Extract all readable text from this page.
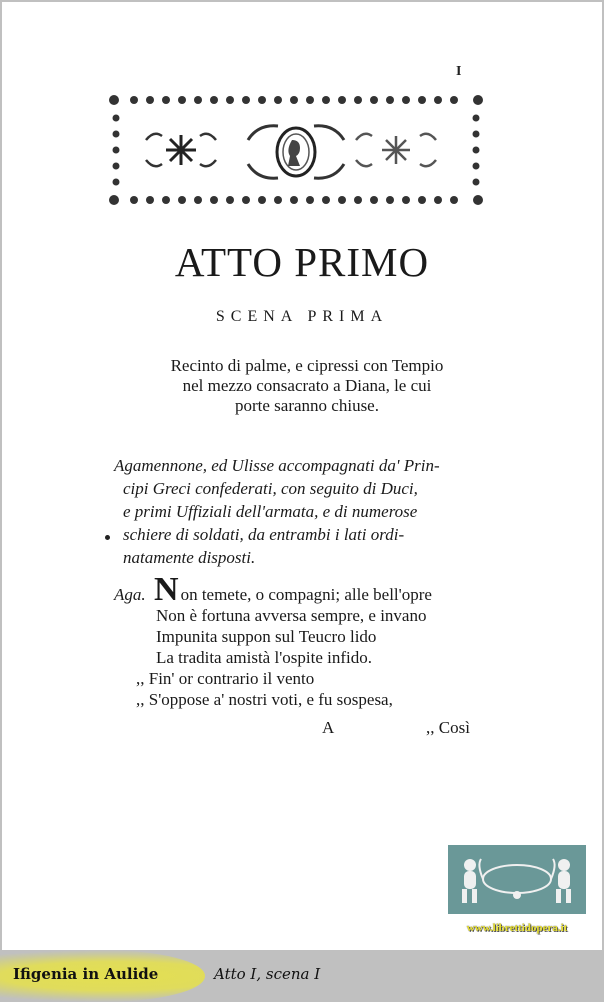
I
ATTO PRIMO
SCENA PRIMA
Recinto di palme, e cipressi con Tempio
nel mezzo consacrato a Diana, le cui
porte saranno chiuse.
Agamennone, ed Ulisse accompagnati da' Prin-
cipi Greci confederati, con seguito di Duci,
e primi Uffiziali dell'armata, e di numerose
schiere di soldati, da entrambi i lati ordi-
natamente disposti.
Aga. N on temete, o compagni; alle bell'opre
Non è fortuna avversa sempre, e invano
Impunita suppon sul Teucro lido
La tradita amistà l'ospite infido.
,, Fin' or contrario il vento
,, S'oppose a' nostri voti, e fu sospesa,
A	,, Così
www.librettidopera.it
Ifigenia in Aulide	Atto I, scena I
